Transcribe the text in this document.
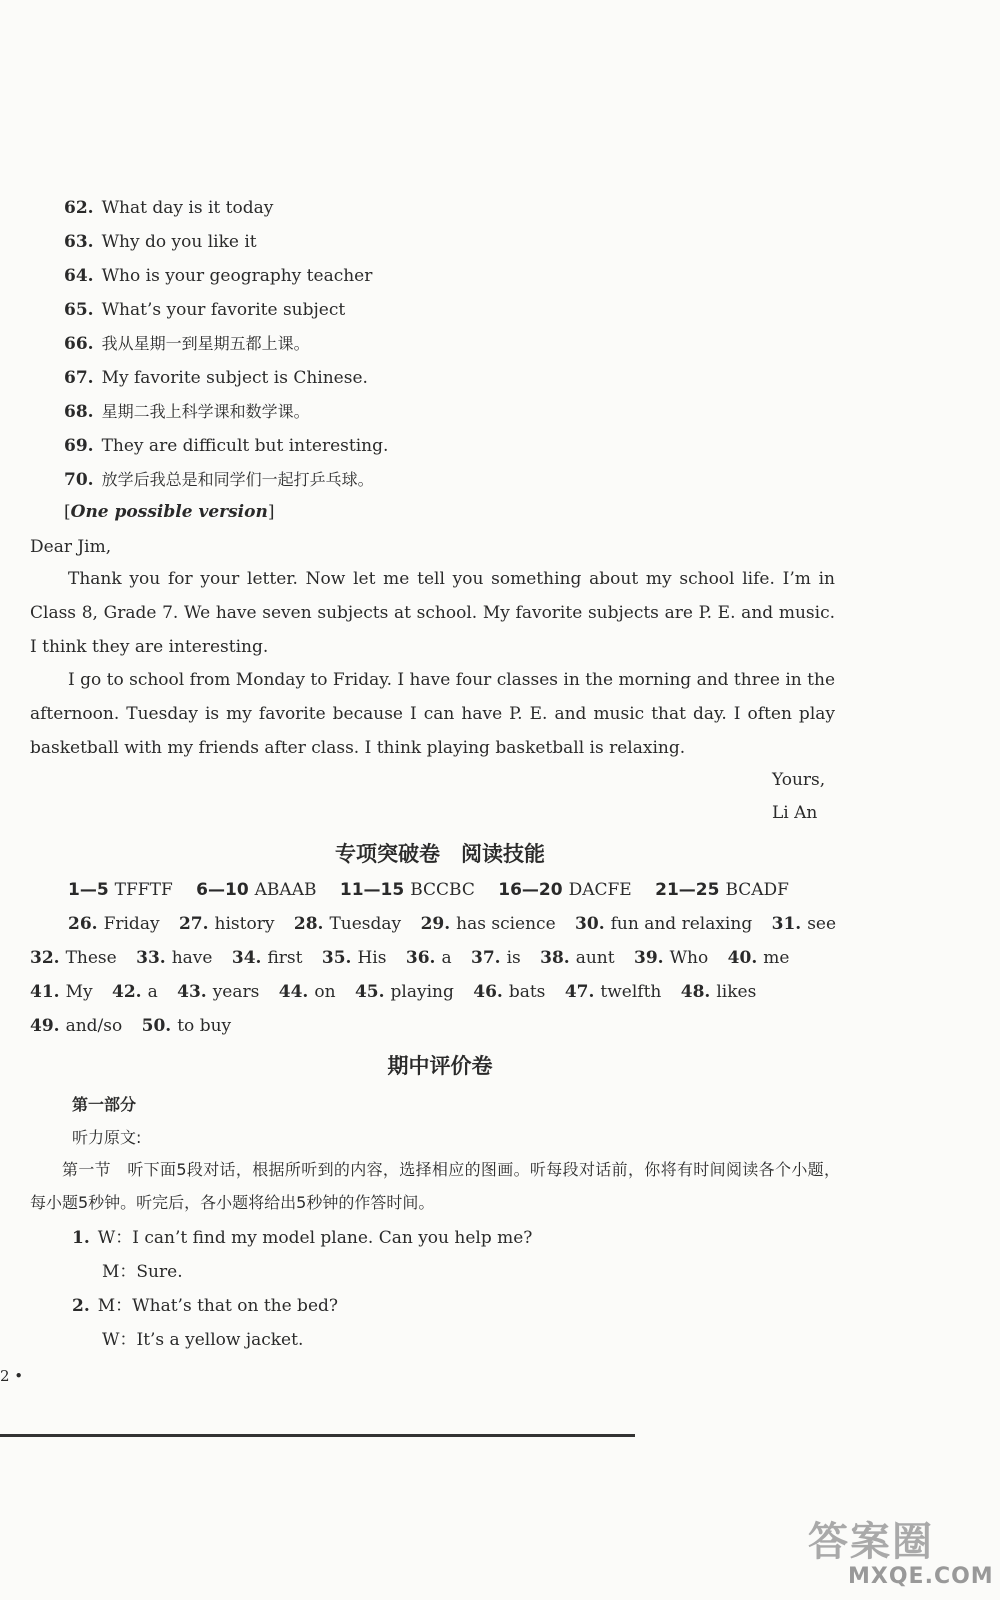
62. What day is it today
63. Why do you like it
64. Who is your geography teacher
65. What’s your favorite subject
66. 我从星期一到星期五都上课。
67. My favorite subject is Chinese.
68. 星期二我上科学课和数学课。
69. They are difficult but interesting.
70. 放学后我总是和同学们一起打乒乓球。
[One possible version]
Dear Jim,

Thank you for your letter. Now let me tell you something about my school life. I’m in Class 8, Grade 7. We have seven subjects at school. My favorite subjects are P. E. and music. I think they are interesting.

I go to school from Monday to Friday. I have four classes in the morning and three in the afternoon. Tuesday is my favorite because I can have P. E. and music that day. I often play basketball with my friends after class. I think playing basketball is relaxing.

Yours,
Li An
专项突破卷　阅读技能
1—5 TFFTF 6—10 ABAAB 11—15 BCCBC 16—20 DACFE 21—25 BCADF
26. Friday 27. history 28. Tuesday 29. has science 30. fun and relaxing 31. see
32. These 33. have 34. first 35. His 36. a 37. is 38. aunt 39. Who 40. me
41. My 42. a 43. years 44. on 45. playing 46. bats 47. twelfth 48. likes
49. and/so 50. to buy
期中评价卷
第一部分
听力原文:

第一节　听下面5段对话，根据所听到的内容，选择相应的图画。听每段对话前，你将有时间阅读各个小题，每小题5秒钟。听完后，各小题将给出5秒钟的作答时间。

1. W：I can’t find my model plane. Can you help me?
M：Sure.
2. M：What’s that on the bed?
W：It’s a yellow jacket.
2 •
答案圈
MXQE.COM
